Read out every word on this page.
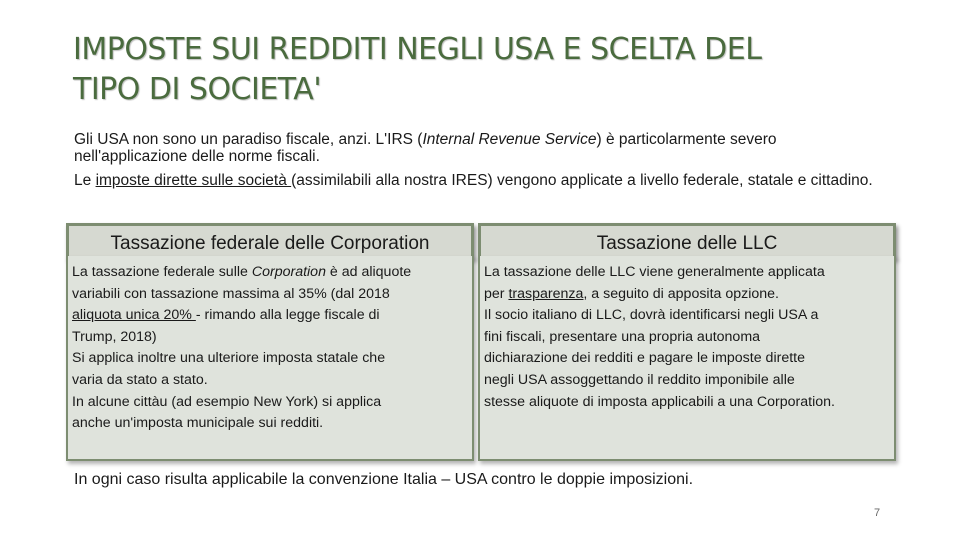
IMPOSTE SUI REDDITI NEGLI USA E SCELTA DEL
TIPO DI SOCIETA'

Gli USA non sono un paradiso fiscale, anzi. L'IRS (Internal Revenue Service) è particolarmente severo nell'applicazione delle norme fiscali.

Le imposte dirette sulle società (assimilabili alla nostra IRES) vengono applicate a livello federale, statale e cittadino.

Tassazione federale delle Corporation
La tassazione federale sulle Corporation è ad aliquote
variabili con tassazione massima al 35% (dal 2018
aliquota unica 20% - rimando alla legge fiscale di
Trump, 2018)
Si applica inoltre una ulteriore imposta statale che
varia da stato a stato.
In alcune cittàu (ad esempio New York) si applica
anche un'imposta municipale sui redditi.
Tassazione delle LLC
La tassazione delle LLC viene generalmente applicata
per trasparenza, a seguito di apposita opzione.
Il socio italiano di LLC, dovrà identificarsi negli USA a
fini fiscali, presentare una propria autonoma
dichiarazione dei redditi e pagare le imposte dirette
negli USA assoggettando il reddito imponibile alle
stesse aliquote di imposta applicabili a una Corporation.
In ogni caso risulta applicabile la convenzione Italia – USA contro le doppie imposizioni.
7
